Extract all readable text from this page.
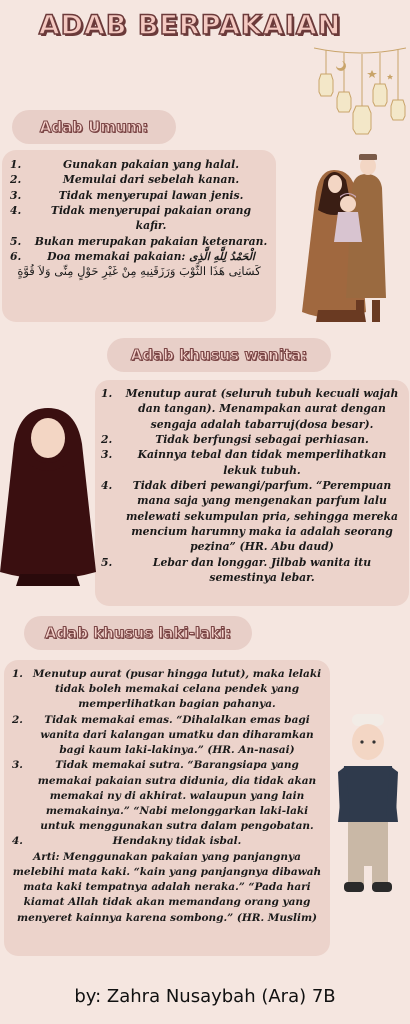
ADAB BERPAKAIAN
Adab Umum:
1.	Gunakan pakaian yang halal.
2.	Memulai dari sebelah kanan.
3.	Tidak menyerupai lawan jenis.
4.	Tidak menyerupai pakaian orang kafir.
5.	Bukan merupakan pakaian ketenaran.
6.	Doa memakai pakaian: الْحَمْدُ لِلَّهِ الَّذِى
كَسَانِى هَذَا الثَّوْبَ وَرَزَقَنِيهِ مِنْ غَيْرِ حَوْلٍ مِنِّى وَلاَ قُوَّةٍ
Adab khusus wanita:
1.	Menutup aurat (seluruh tubuh kecuali wajah dan tangan). Menampakan aurat dengan sengaja adalah tabarruj(dosa besar).
2.	Tidak berfungsi sebagai perhiasan.
3.	Kainnya tebal dan tidak memperlihatkan lekuk tubuh.
4.	Tidak diberi pewangi/parfum. “Perempuan mana saja yang mengenakan parfum lalu melewati sekumpulan pria, sehingga mereka mencium harumny maka ia adalah seorang pezina” (HR. Abu daud)
5.	Lebar dan longgar. Jilbab wanita itu semestinya lebar.
Adab khusus laki-laki:
1. Menutup aurat (pusar hingga lutut), maka lelaki tidak boleh memakai celana pendek yang memperlihatkan bagian pahanya.
2.	Tidak memakai emas. “Dihalalkan emas bagi wanita dari kalangan umatku dan diharamkan bagi kaum laki-lakinya.” (HR. An-nasai)
3.	Tidak memakai sutra. “Barangsiapa yang memakai pakaian sutra didunia, dia tidak akan memakai ny di akhirat. walaupun yang lain memakainya.” “Nabi melonggarkan laki-laki untuk menggunakan sutra dalam pengobatan.
4.	Hendakny tidak isbal.
Arti: Menggunakan pakaian yang panjangnya melebihi mata kaki. “kain yang panjangnya dibawah mata kaki tempatnya adalah neraka.” “Pada hari kiamat Allah tidak akan memandang orang yang menyeret kainnya karena sombong.” (HR. Muslim)
by: Zahra Nusaybah (Ara) 7B
